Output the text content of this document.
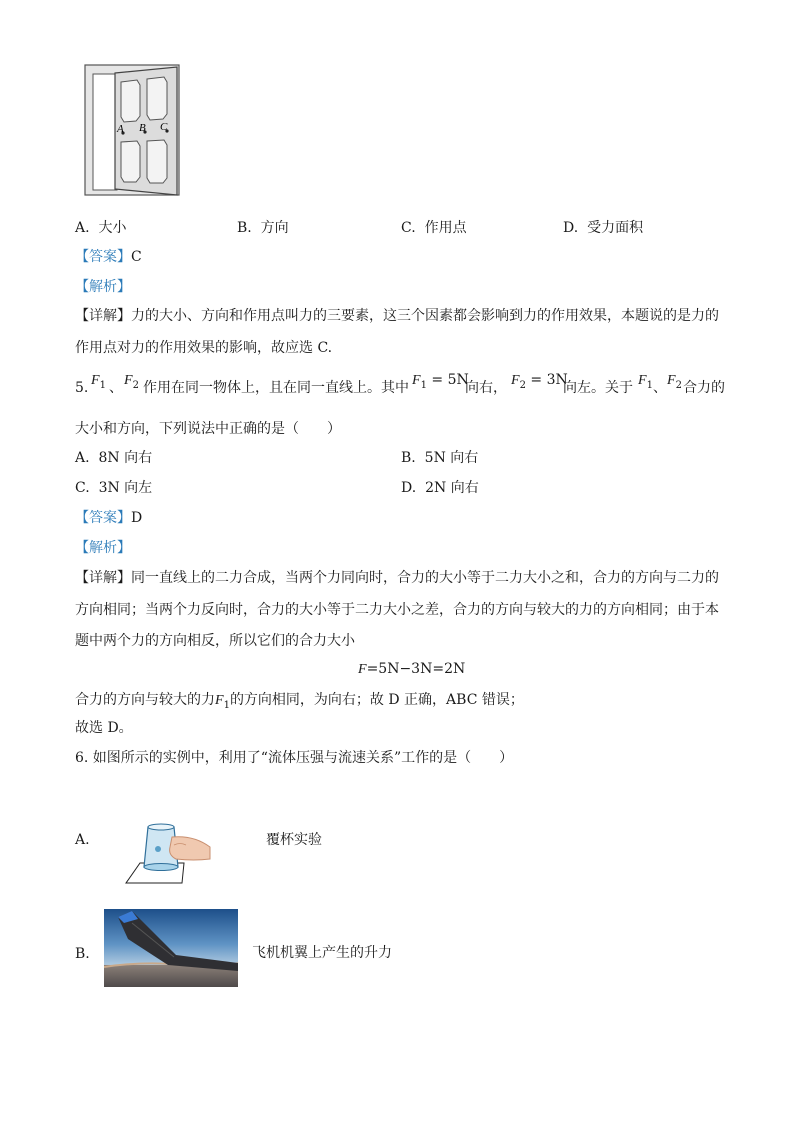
A B C
A. 大小	B. 方向	C. 作用点	D. 受力面积
【答案】C
【解析】
【详解】力的大小、方向和作用点叫力的三要素，这三个因素都会影响到力的作用效果，本题说的是力的
作用点对力的作用效果的影响，故应选 C.
5. $F_1$ 、 $F_2$ 作用在同一物体上，且在同一直线上。其中 $F_1 = 5N$
向右， $F_2 = 3N$
向左。关于 $F_1$ 、 $F_2$ 合力的
大小和方向，下列说法中正确的是（　　）
A. 8N 向右	B. 5N 向右
C. 3N 向左	D. 2N 向右
【答案】D
【解析】
【详解】同一直线上的二力合成，当两个力同向时，合力的大小等于二力大小之和，合力的方向与二力的
方向相同；当两个力反向时，合力的大小等于二力大小之差，合力的方向与较大的力的方向相同；由于本
题中两个力的方向相反，所以它们的合力大小
F=5N−3N=2N
合力的方向与较大的力$F_1$的方向相同，为向右；故 D 正确，ABC 错误；
故选 D。
6. 如图所示的实例中，利用了“流体压强与流速关系”工作的是（　　）
A.	覆杯实验
B.	飞机机翼上产生的升力
